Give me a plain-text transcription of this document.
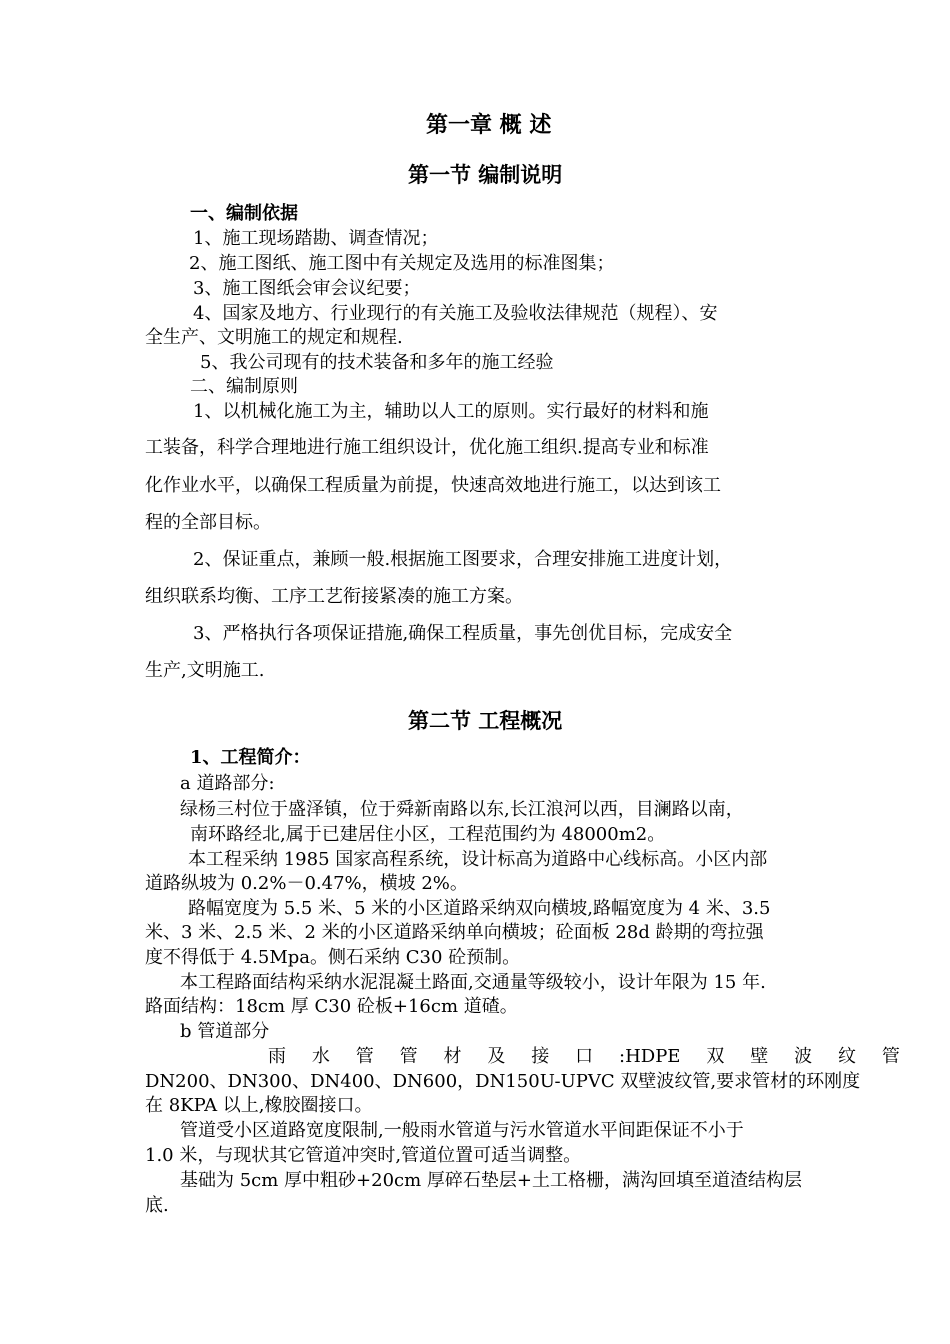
第一章 概 述
第一节 编制说明
一、编制依据
1、施工现场踏勘、调查情况；
2、施工图纸、施工图中有关规定及选用的标准图集；
3、施工图纸会审会议纪要；
4、国家及地方、行业现行的有关施工及验收法律规范（规程）、安
全生产、文明施工的规定和规程.
5、我公司现有的技术装备和多年的施工经验
二、编制原则
1、以机械化施工为主，辅助以人工的原则。实行最好的材料和施
工装备，科学合理地进行施工组织设计，优化施工组织.提高专业和标准
化作业水平，以确保工程质量为前提，快速高效地进行施工，以达到该工
程的全部目标。
2、保证重点，兼顾一般.根据施工图要求，合理安排施工进度计划，
组织联系均衡、工序工艺衔接紧凑的施工方案。
3、严格执行各项保证措施,确保工程质量，事先创优目标，完成安全
生产,文明施工.
第二节 工程概况
1、工程简介：
a 道路部分:
绿杨三村位于盛泽镇，位于舜新南路以东,长江浪河以西，目澜路以南，
南环路经北,属于已建居住小区，工程范围约为 48000m2。
本工程采纳 1985 国家高程系统，设计标高为道路中心线标高。小区内部
道路纵坡为 0.2%－0.47%，横坡 2%。
路幅宽度为 5.5 米、5 米的小区道路采纳双向横坡,路幅宽度为 4 米、3.5
米、3 米、2.5 米、2 米的小区道路采纳单向横坡；砼面板 28d 龄期的弯拉强
度不得低于 4.5Mpa。侧石采纳 C30 砼预制。
本工程路面结构采纳水泥混凝土路面,交通量等级较小，设计年限为 15 年.
路面结构：18cm 厚 C30 砼板+16cm 道碴。
b 管道部分
雨 水 管 管 材 及 接 口 :HDPE 双 壁 波 纹 管
DN200、DN300、DN400、DN600，DN150U-UPVC 双壁波纹管,要求管材的环刚度
在 8KPA 以上,橡胶圈接口。
管道受小区道路宽度限制,一般雨水管道与污水管道水平间距保证不小于
1.0 米，与现状其它管道冲突时,管道位置可适当调整。
基础为 5cm 厚中粗砂+20cm 厚碎石垫层+土工格栅，满沟回填至道渣结构层
底.
